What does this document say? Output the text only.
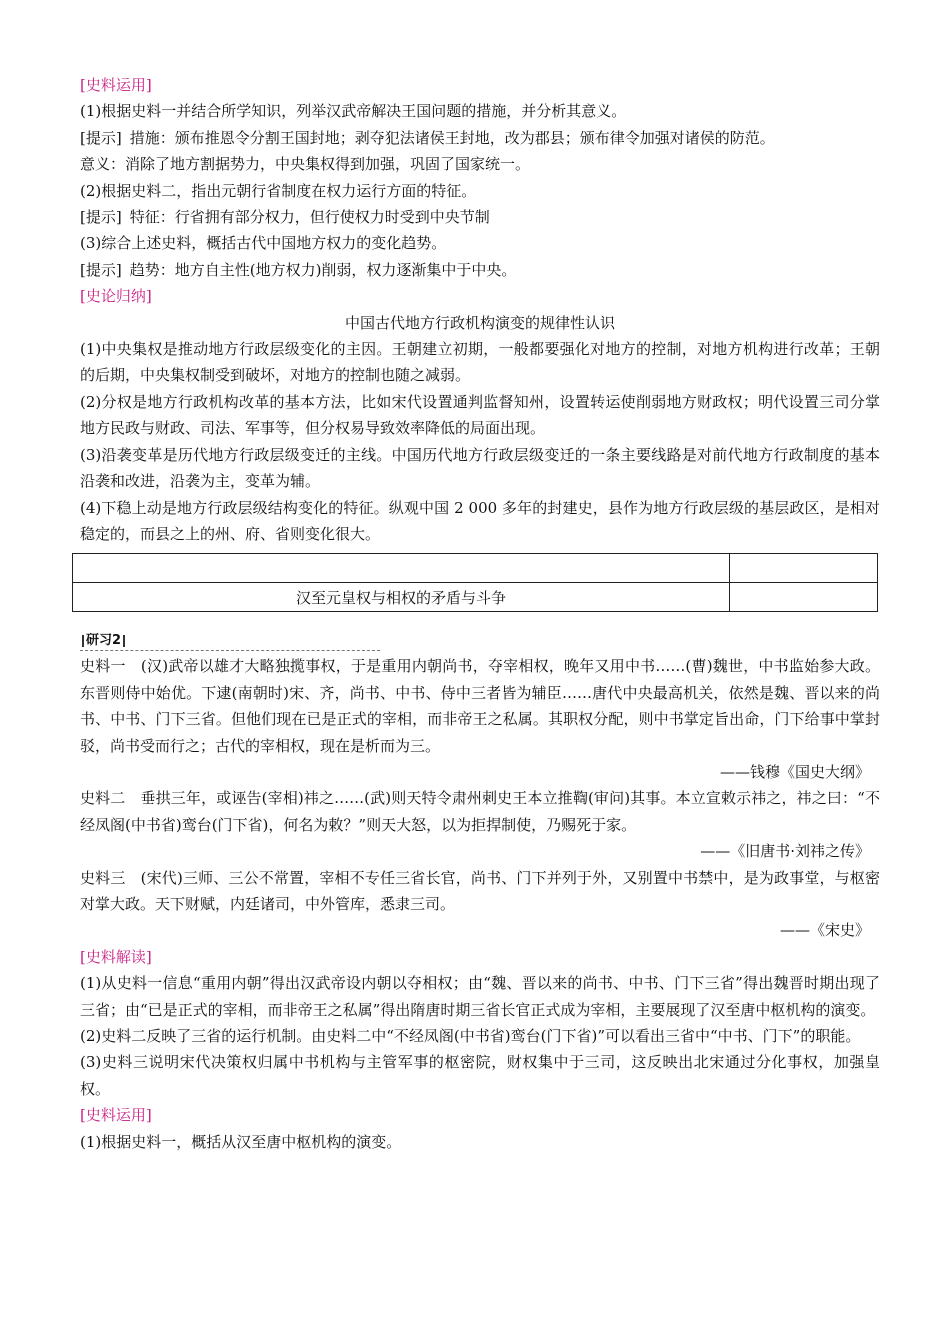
[史料运用]
(1)根据史料一并结合所学知识，列举汉武帝解决王国问题的措施，并分析其意义。
[提示] 措施：颁布推恩令分割王国封地；剥夺犯法诸侯王封地，改为郡县；颁布律令加强对诸侯的防范。
意义：消除了地方割据势力，中央集权得到加强，巩固了国家统一。
(2)根据史料二，指出元朝行省制度在权力运行方面的特征。
[提示] 特征：行省拥有部分权力，但行使权力时受到中央节制
(3)综合上述史料，概括古代中国地方权力的变化趋势。
[提示] 趋势：地方自主性(地方权力)削弱，权力逐渐集中于中央。
[史论归纳]
中国古代地方行政机构演变的规律性认识
(1)中央集权是推动地方行政层级变化的主因。王朝建立初期，一般都要强化对地方的控制，对地方机构进行改革；王朝的后期，中央集权制受到破坏，对地方的控制也随之减弱。
(2)分权是地方行政机构改革的基本方法，比如宋代设置通判监督知州，设置转运使削弱地方财政权；明代设置三司分掌地方民政与财政、司法、军事等，但分权易导致效率降低的局面出现。
(3)沿袭变革是历代地方行政层级变迁的主线。中国历代地方行政层级变迁的一条主要线路是对前代地方行政制度的基本沿袭和改进，沿袭为主，变革为辅。
(4)下稳上动是地方行政层级结构变化的特征。纵观中国 2 000 多年的封建史，县作为地方行政层级的基层政区，是相对稳定的，而县之上的州、府、省则变化很大。

汉至元皇权与相权的矛盾与斗争	
研习2
史料一　(汉)武帝以雄才大略独揽事权，于是重用内朝尚书，夺宰相权，晚年又用中书……(曹)魏世，中书监始参大政。东晋则侍中始优。下逮(南朝时)宋、齐，尚书、中书、侍中三者皆为辅臣……唐代中央最高机关，依然是魏、晋以来的尚书、中书、门下三省。但他们现在已是正式的宰相，而非帝王之私属。其职权分配，则中书掌定旨出命，门下给事中掌封驳，尚书受而行之；古代的宰相权，现在是析而为三。
——钱穆《国史大纲》
史料二　垂拱三年，或诬告(宰相)祎之……(武)则天特令肃州刺史王本立推鞫(审问)其事。本立宣敕示祎之，祎之曰：“不经凤阁(中书省)鸾台(门下省)，何名为敕？”则天大怒，以为拒捍制使，乃赐死于家。
——《旧唐书·刘祎之传》
史料三　(宋代)三师、三公不常置，宰相不专任三省长官，尚书、门下并列于外，又别置中书禁中，是为政事堂，与枢密对掌大政。天下财赋，内廷诸司，中外管库，悉隶三司。
——《宋史》
[史料解读]
(1)从史料一信息“重用内朝”得出汉武帝设内朝以夺相权；由“魏、晋以来的尚书、中书、门下三省”得出魏晋时期出现了三省；由“已是正式的宰相，而非帝王之私属”得出隋唐时期三省长官正式成为宰相，主要展现了汉至唐中枢机构的演变。
(2)史料二反映了三省的运行机制。由史料二中“不经凤阁(中书省)鸾台(门下省)”可以看出三省中“中书、门下”的职能。
(3)史料三说明宋代决策权归属中书机构与主管军事的枢密院，财权集中于三司，这反映出北宋通过分化事权，加强皇权。
[史料运用]
(1)根据史料一，概括从汉至唐中枢机构的演变。
